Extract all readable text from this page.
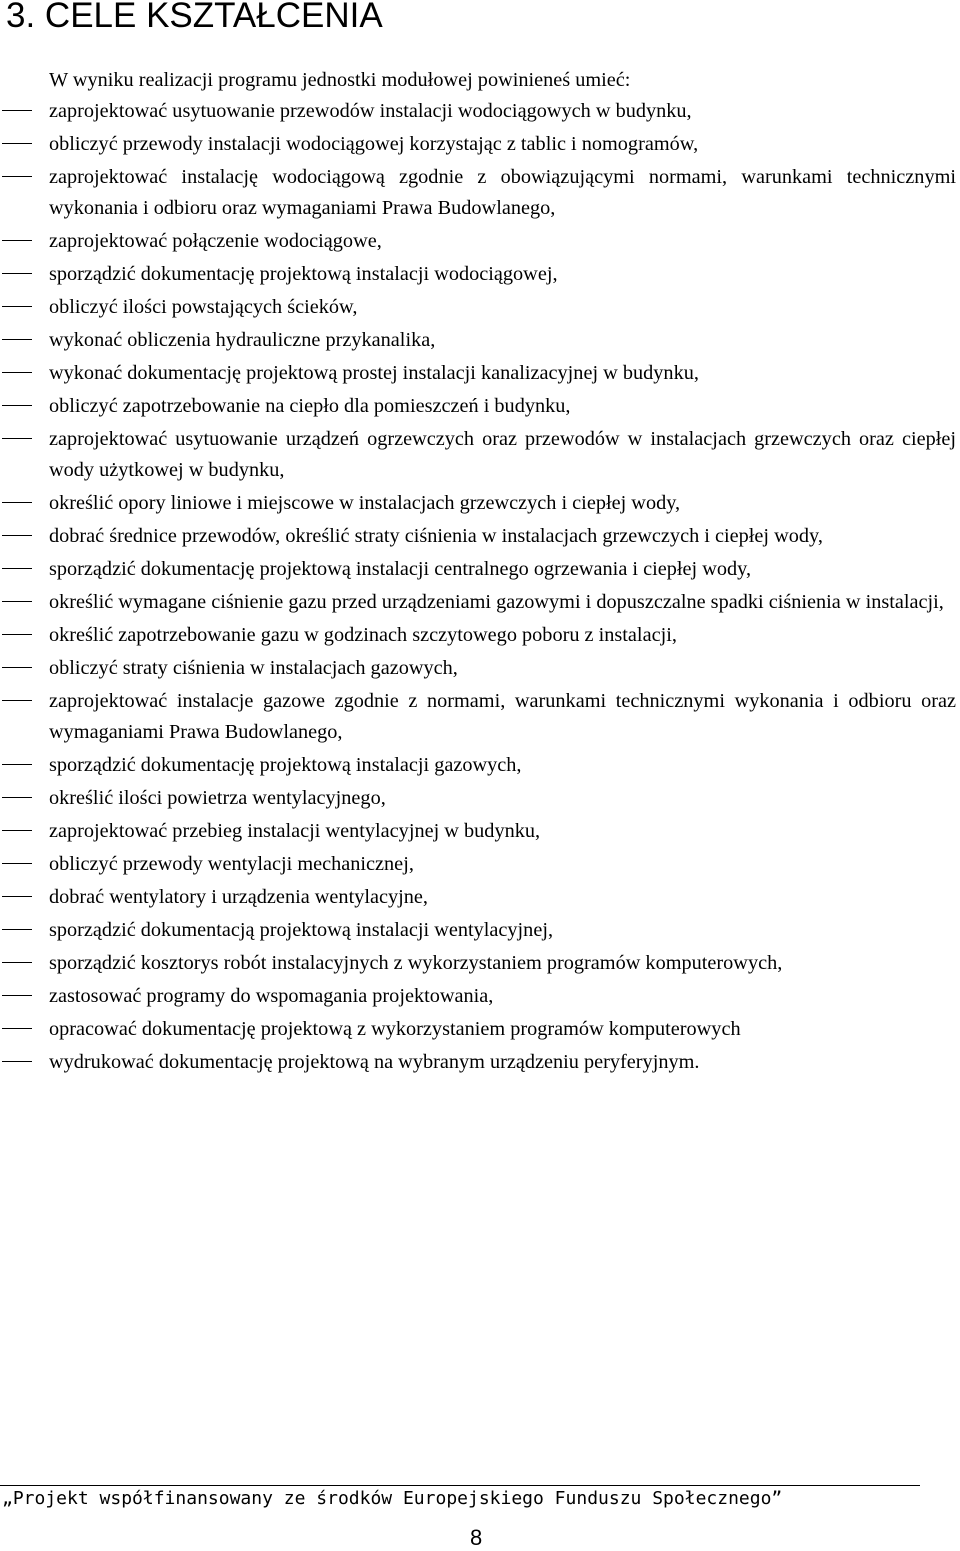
3. CELE KSZTAŁCENIA

W wyniku realizacji programu jednostki modułowej powinieneś umieć:

zaprojektować usytuowanie przewodów instalacji wodociągowych w budynku,
obliczyć przewody instalacji wodociągowej korzystając z tablic i nomogramów,
zaprojektować instalację wodociągową zgodnie z obowiązującymi normami, warunkami technicznymi wykonania i odbioru oraz wymaganiami Prawa Budowlanego,
zaprojektować połączenie wodociągowe,
sporządzić dokumentację projektową instalacji wodociągowej,
obliczyć ilości powstających ścieków,
wykonać obliczenia hydrauliczne przykanalika,
wykonać dokumentację projektową prostej instalacji kanalizacyjnej w budynku,
obliczyć zapotrzebowanie na ciepło dla pomieszczeń i budynku,
zaprojektować usytuowanie urządzeń ogrzewczych oraz przewodów w instalacjach grzewczych oraz ciepłej wody użytkowej w budynku,
określić opory liniowe i miejscowe w instalacjach grzewczych i ciepłej wody,
dobrać średnice przewodów, określić straty ciśnienia w instalacjach grzewczych i ciepłej wody,
sporządzić dokumentację projektową instalacji centralnego ogrzewania i ciepłej wody,
określić wymagane ciśnienie gazu przed urządzeniami gazowymi i dopuszczalne spadki ciśnienia w instalacji,
określić zapotrzebowanie gazu w godzinach szczytowego poboru z instalacji,
obliczyć straty ciśnienia w instalacjach gazowych,
zaprojektować instalacje gazowe zgodnie z normami, warunkami technicznymi wykonania i odbioru oraz wymaganiami Prawa Budowlanego,
sporządzić dokumentację projektową instalacji gazowych,
określić ilości powietrza wentylacyjnego,
zaprojektować przebieg instalacji wentylacyjnej w budynku,
obliczyć przewody wentylacji mechanicznej,
dobrać wentylatory i urządzenia wentylacyjne,
sporządzić dokumentacją projektową instalacji wentylacyjnej,
sporządzić kosztorys robót instalacyjnych z wykorzystaniem programów komputerowych,
zastosować programy do wspomagania projektowania,
opracować dokumentację projektową z wykorzystaniem programów komputerowych
wydrukować dokumentację projektową na wybranym urządzeniu peryferyjnym.

„Projekt współfinansowany ze środków Europejskiego Funduszu Społecznego”

8
